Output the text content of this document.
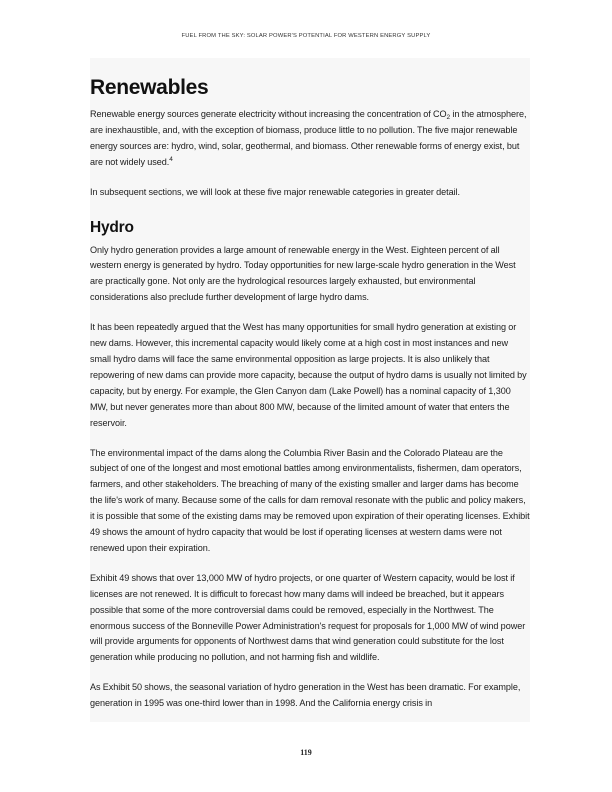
FUEL FROM THE SKY: SOLAR POWER'S POTENTIAL FOR WESTERN ENERGY SUPPLY
Renewables

Renewable energy sources generate electricity without increasing the concentration of $CO_2$ in the atmosphere, are inexhaustible, and, with the exception of biomass, produce little to no pollution. The five major renewable energy sources are: hydro, wind, solar, geothermal, and biomass. Other renewable forms of energy exist, but are not widely used.$^4$

In subsequent sections, we will look at these five major renewable categories in greater detail.

Hydro

Only hydro generation provides a large amount of renewable energy in the West. Eighteen percent of all western energy is generated by hydro. Today opportunities for new large-scale hydro generation in the West are practically gone. Not only are the hydrological resources largely exhausted, but environmental considerations also preclude further development of large hydro dams.

It has been repeatedly argued that the West has many opportunities for small hydro generation at existing or new dams. However, this incremental capacity would likely come at a high cost in most instances and new small hydro dams will face the same environmental opposition as large projects. It is also unlikely that repowering of new dams can provide more capacity, because the output of hydro dams is usually not limited by capacity, but by energy. For example, the Glen Canyon dam (Lake Powell) has a nominal capacity of 1,300 MW, but never generates more than about 800 MW, because of the limited amount of water that enters the reservoir.

The environmental impact of the dams along the Columbia River Basin and the Colorado Plateau are the subject of one of the longest and most emotional battles among environmentalists, fishermen, dam operators, farmers, and other stakeholders. The breaching of many of the existing smaller and larger dams has become the life's work of many. Because some of the calls for dam removal resonate with the public and policy makers, it is possible that some of the existing dams may be removed upon expiration of their operating licenses. Exhibit 49 shows the amount of hydro capacity that would be lost if operating licenses at western dams were not renewed upon their expiration.

Exhibit 49 shows that over 13,000 MW of hydro projects, or one quarter of Western capacity, would be lost if licenses are not renewed. It is difficult to forecast how many dams will indeed be breached, but it appears possible that some of the more controversial dams could be removed, especially in the Northwest. The enormous success of the Bonneville Power Administration's request for proposals for 1,000 MW of wind power will provide arguments for opponents of Northwest dams that wind generation could substitute for the lost generation while producing no pollution, and not harming fish and wildlife.

As Exhibit 50 shows, the seasonal variation of hydro generation in the West has been dramatic. For example, generation in 1995 was one-third lower than in 1998. And the California energy crisis in

119
